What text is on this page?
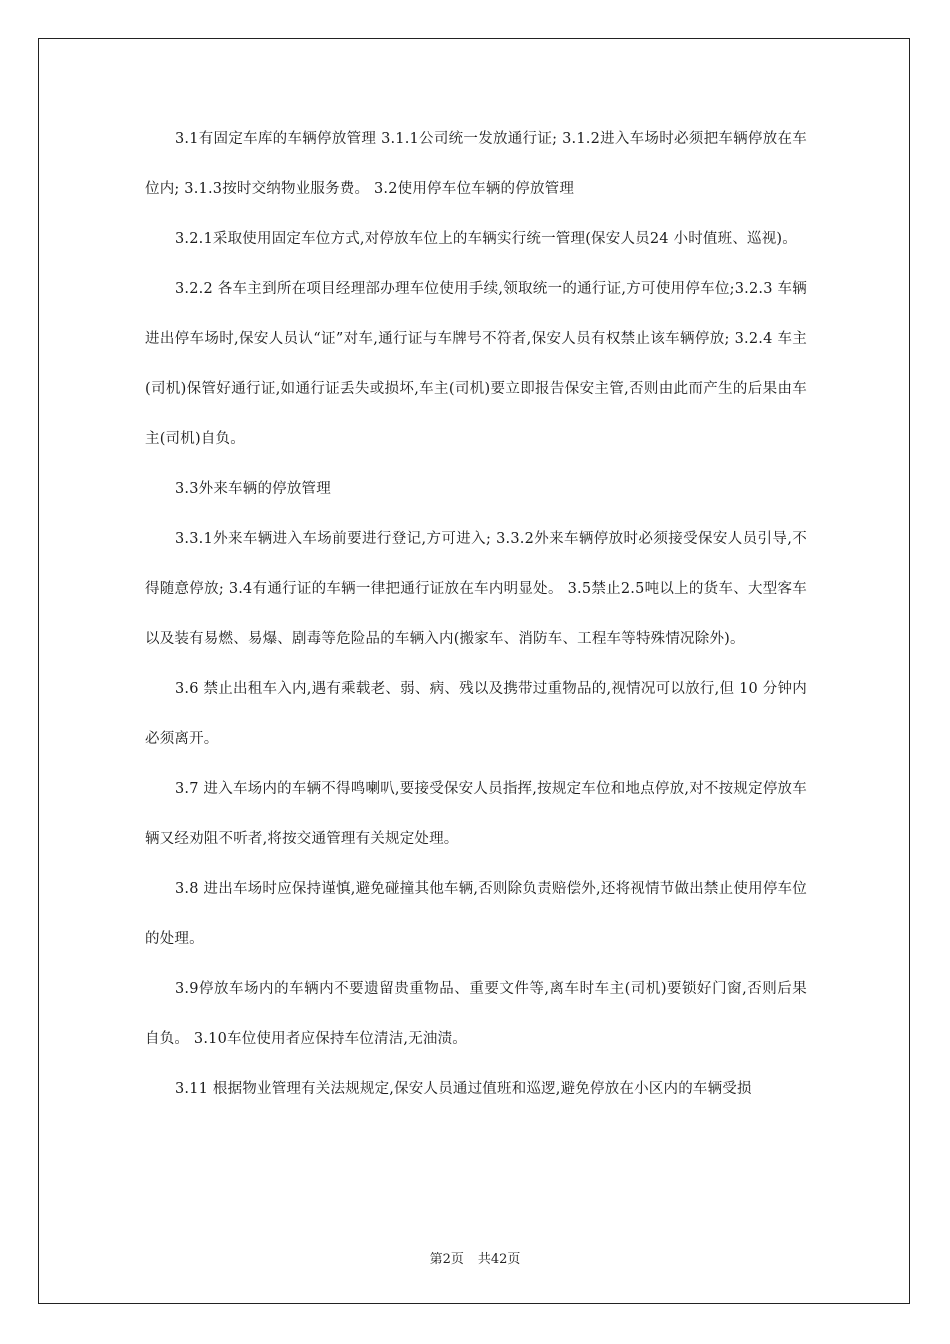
3.1有固定车库的车辆停放管理 3.1.1公司统一发放通行证; 3.1.2进入车场时必须把车辆停放在车位内; 3.1.3按时交纳物业服务费。 3.2使用停车位车辆的停放管理

3.2.1采取使用固定车位方式,对停放车位上的车辆实行统一管理(保安人员24 小时值班、巡视)。

3.2.2 各车主到所在项目经理部办理车位使用手续,领取统一的通行证,方可使用停车位;3.2.3 车辆进出停车场时,保安人员认“证”对车,通行证与车牌号不符者,保安人员有权禁止该车辆停放; 3.2.4 车主(司机)保管好通行证,如通行证丢失或损坏,车主(司机)要立即报告保安主管,否则由此而产生的后果由车主(司机)自负。

3.3外来车辆的停放管理

3.3.1外来车辆进入车场前要进行登记,方可进入; 3.3.2外来车辆停放时必须接受保安人员引导,不得随意停放; 3.4有通行证的车辆一律把通行证放在车内明显处。 3.5禁止2.5吨以上的货车、大型客车以及装有易燃、易爆、剧毒等危险品的车辆入内(搬家车、消防车、工程车等特殊情况除外)。

3.6 禁止出租车入内,遇有乘载老、弱、病、残以及携带过重物品的,视情况可以放行,但 10 分钟内必须离开。

3.7 进入车场内的车辆不得鸣喇叭,要接受保安人员指挥,按规定车位和地点停放,对不按规定停放车辆又经劝阻不听者,将按交通管理有关规定处理。

3.8 进出车场时应保持谨慎,避免碰撞其他车辆,否则除负责赔偿外,还将视情节做出禁止使用停车位的处理。

3.9停放车场内的车辆内不要遗留贵重物品、重要文件等,离车时车主(司机)要锁好门窗,否则后果自负。 3.10车位使用者应保持车位清洁,无油渍。

3.11 根据物业管理有关法规规定,保安人员通过值班和巡逻,避免停放在小区内的车辆受损

第2页 共42页
